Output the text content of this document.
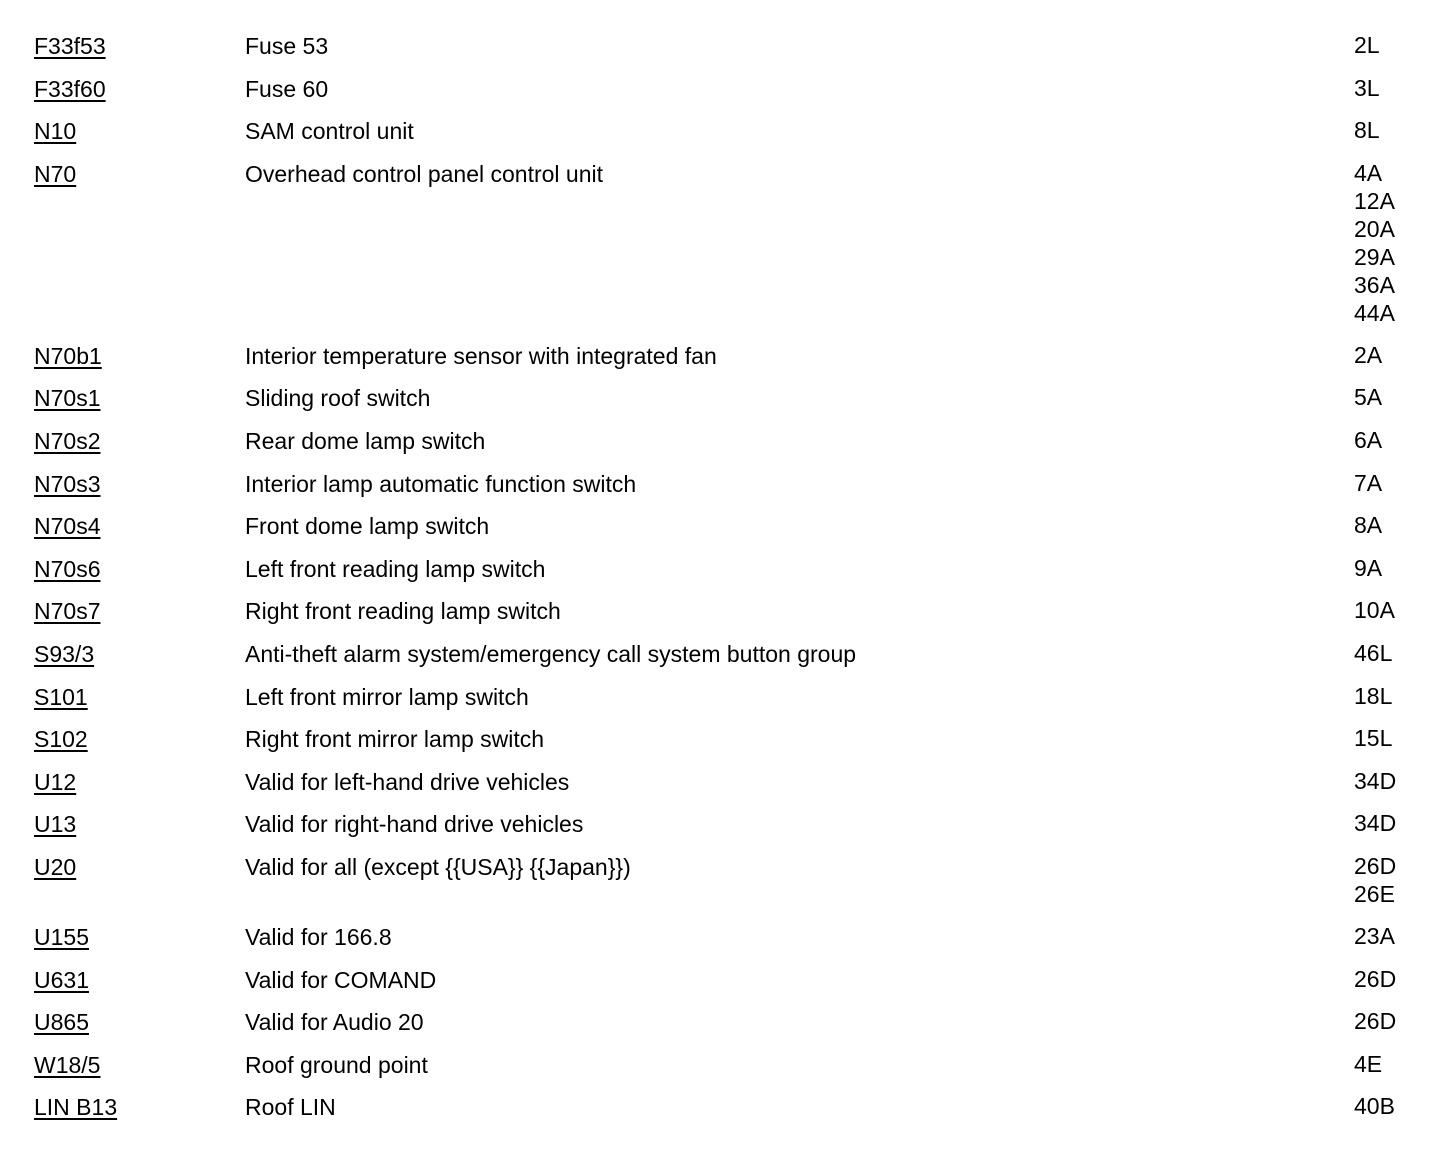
F33f53	Fuse 53	2L
F33f60	Fuse 60	3L
N10	SAM control unit	8L
N70	Overhead control panel control unit	4A
12A
20A
29A
36A
44A
N70b1	Interior temperature sensor with integrated fan	2A
N70s1	Sliding roof switch	5A
N70s2	Rear dome lamp switch	6A
N70s3	Interior lamp automatic function switch	7A
N70s4	Front dome lamp switch	8A
N70s6	Left front reading lamp switch	9A
N70s7	Right front reading lamp switch	10A
S93/3	Anti-theft alarm system/emergency call system button group	46L
S101	Left front mirror lamp switch	18L
S102	Right front mirror lamp switch	15L
U12	Valid for left-hand drive vehicles	34D
U13	Valid for right-hand drive vehicles	34D
U20	Valid for all (except {{USA}} {{Japan}})	26D
26E
U155	Valid for 166.8	23A
U631	Valid for COMAND	26D
U865	Valid for Audio 20	26D
W18/5	Roof ground point	4E
LIN B13	Roof LIN	40B
